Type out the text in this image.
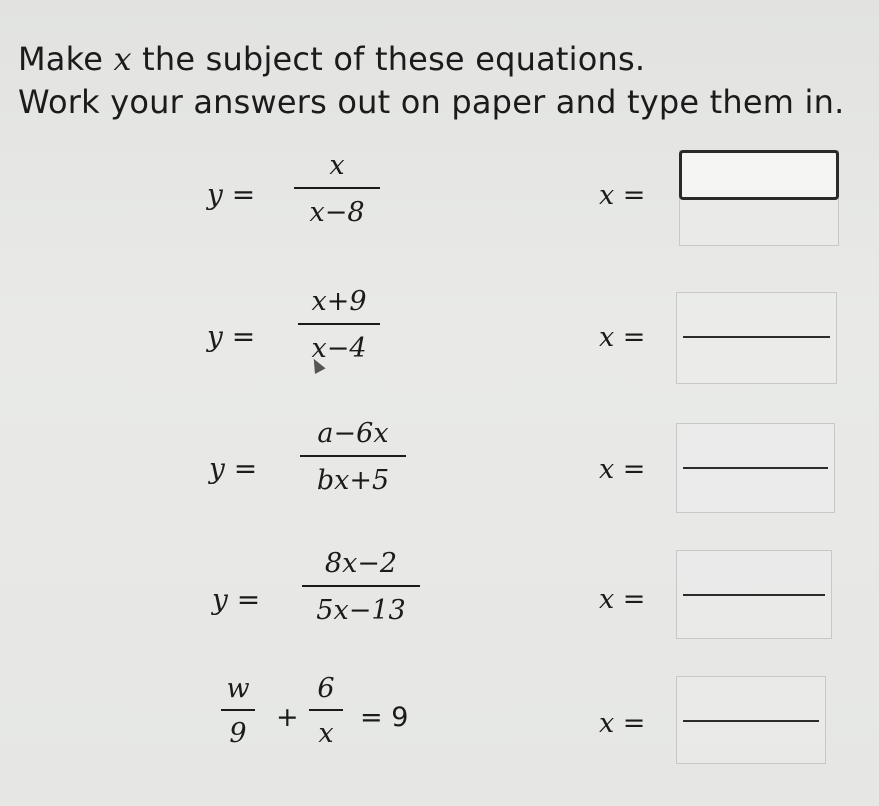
Make x the subject of these equations.
Work your answers out on paper and type them in.
y =
x
x−8
x =
y =
x+9
x−4	x =
y =
a−6x
bx+5	x =
y =
8x−2
5x−13	x =
w
9
+
6
x
= 9	x =
